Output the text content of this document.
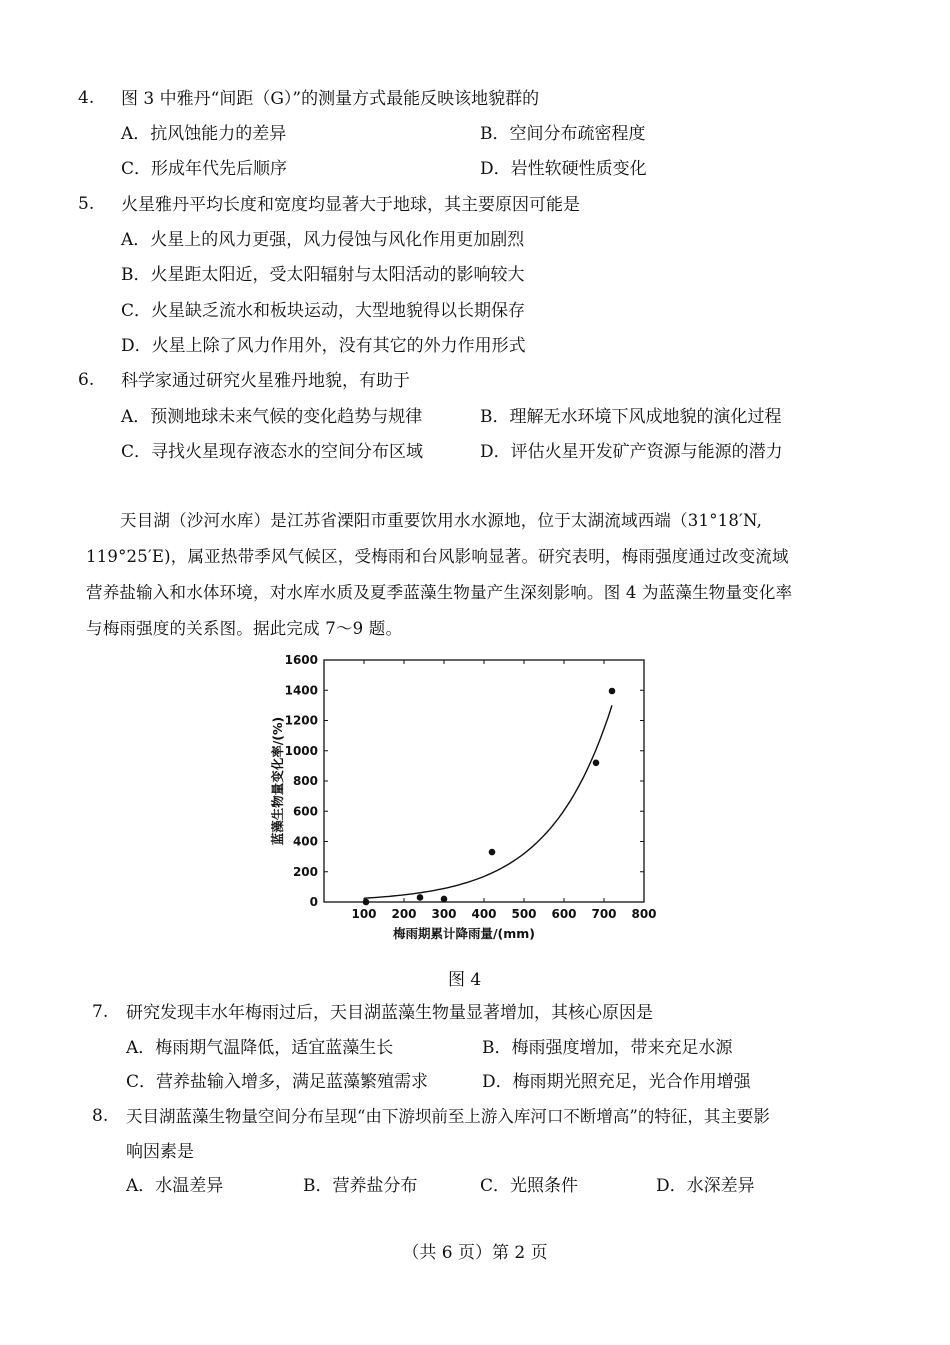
4. 图 3 中雅丹“间距（G）”的测量方式最能反映该地貌群的
A．抗风蚀能力的差异	B．空间分布疏密程度
C．形成年代先后顺序	D．岩性软硬性质变化
5. 火星雅丹平均长度和宽度均显著大于地球，其主要原因可能是
A．火星上的风力更强，风力侵蚀与风化作用更加剧烈
B．火星距太阳近，受太阳辐射与太阳活动的影响较大
C．火星缺乏流水和板块运动，大型地貌得以长期保存
D．火星上除了风力作用外，没有其它的外力作用形式
6. 科学家通过研究火星雅丹地貌，有助于
A．预测地球未来气候的变化趋势与规律	B．理解无水环境下风成地貌的演化过程
C．寻找火星现存液态水的空间分布区域	D．评估火星开发矿产资源与能源的潜力

天目湖（沙河水库）是江苏省溧阳市重要饮用水水源地，位于太湖流域西端（31°18′N,

119°25′E)，属亚热带季风气候区，受梅雨和台风影响显著。研究表明，梅雨强度通过改变流域

营养盐输入和水体环境，对水库水质及夏季蓝藻生物量产生深刻影响。图 4 为蓝藻生物量变化率

与梅雨强度的关系图。据此完成 7～9 题。

0
200
400
600
800
1000
1200
1400
1600
100 200 300 400 500 600 700 800
梅雨期累计降雨量/(mm)
蓝藻生物量变化率/(%)
图 4
7. 研究发现丰水年梅雨过后，天目湖蓝藻生物量显著增加，其核心原因是
A．梅雨期气温降低，适宜蓝藻生长	B．梅雨强度增加，带来充足水源
C．营养盐输入增多，满足蓝藻繁殖需求	D．梅雨期光照充足，光合作用增强
8. 天目湖蓝藻生物量空间分布呈现“由下游坝前至上游入库河口不断增高”的特征，其主要影
响因素是
A．水温差异	B．营养盐分布	C．光照条件	D．水深差异
（共 6 页）第 2 页
